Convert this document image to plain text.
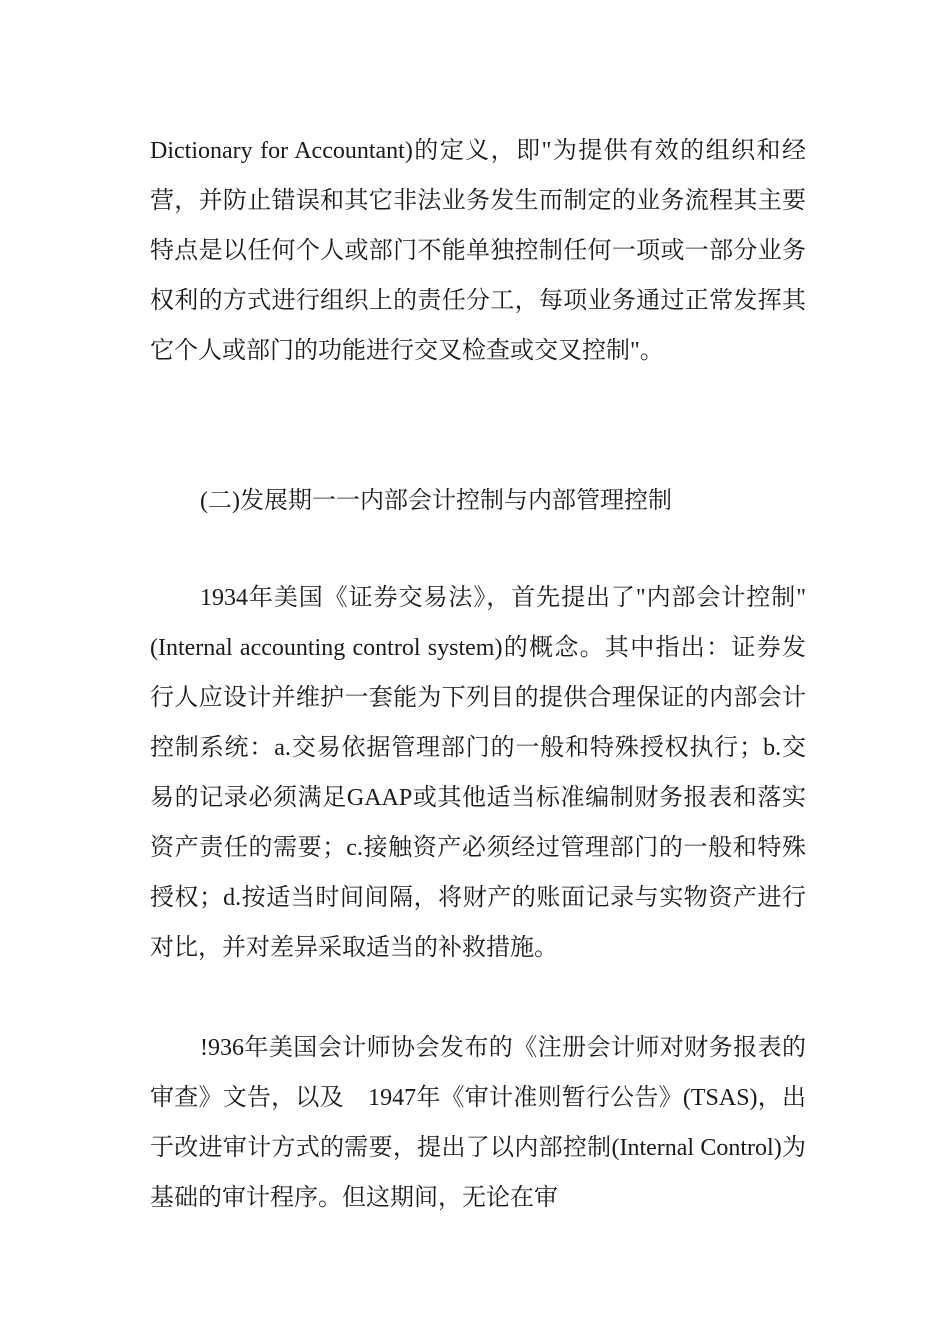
Dictionary for Accountant)的定义，即"为提供有效的组织和经营，并防止错误和其它非法业务发生而制定的业务流程其主要特点是以任何个人或部门不能单独控制任何一项或一部分业务权利的方式进行组织上的责任分工，每项业务通过正常发挥其它个人或部门的功能进行交叉检查或交叉控制"。

(二)发展期一一内部会计控制与内部管理控制

1934年美国《证券交易法》，首先提出了"内部会计控制" (Internal accounting control system)的概念。其中指出：证券发行人应设计并维护一套能为下列目的提供合理保证的内部会计控制系统：a.交易依据管理部门的一般和特殊授权执行；b.交易的记录必须满足GAAP或其他适当标准编制财务报表和落实资产责任的需要；c.接触资产必须经过管理部门的一般和特殊授权；d.按适当时间间隔，将财产的账面记录与实物资产进行对比，并对差异采取适当的补救措施。

!936年美国会计师协会发布的《注册会计师对财务报表的审查》文告，以及　1947年《审计准则暂行公告》(TSAS)，出于改进审计方式的需要，提出了以内部控制(Internal Control)为基础的审计程序。但这期间，无论在审
